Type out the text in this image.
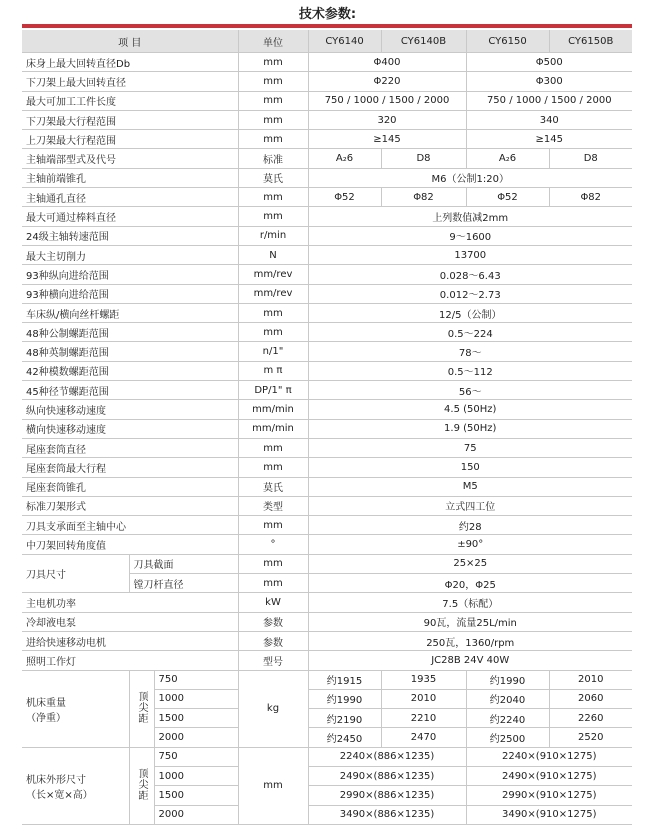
技术参数:
项 目			单位	CY6140	CY6140B	CY6150	CY6150B
床身上最大回转直径Db			mm	Φ400		Φ500	
下刀架上最大回转直径			mm	Φ220		Φ300	
最大可加工工件长度			mm	750 / 1000 / 1500 / 2000		750 / 1000 / 1500 / 2000	
下刀架最大行程范围			mm	320		340	
上刀架最大行程范围			mm	≥145		≥145	
主轴端部型式及代号			标准	A₂6	D8	A₂6	D8
主轴前端锥孔			莫氏	M6（公制1:20）			
主轴通孔直径			mm	Φ52	Φ82	Φ52	Φ82
最大可通过棒料直径			mm	上列数值减2mm			
24级主轴转速范围			r/min	9～1600			
最大主切削力			N	13700			
93种纵向进给范围			mm/rev	0.028～6.43			
93种横向进给范围			mm/rev	0.012～2.73			
车床纵/横向丝杆螺距			mm	12/5（公制）			
48种公制螺距范围			mm	0.5～224			
48种英制螺距范围			n/1"	78～			
42种模数螺距范围			m π	0.5～112			
45种径节螺距范围			DP/1" π	56～			
纵向快速移动速度			mm/min	4.5 (50Hz)			
横向快速移动速度			mm/min	1.9 (50Hz)			
尾座套筒直径			mm	75			
尾座套筒最大行程			mm	150			
尾座套筒锥孔			莫氏	M5			
标准刀架形式			类型	立式四工位			
刀具支承面至主轴中心			mm	约28			
中刀架回转角度值			°	±90°			
刀具尺寸	刀具截面		mm	25×25			
	镗刀杆直径		mm	Φ20，Φ25			
主电机功率			kW	7.5（标配）			
冷却液电泵			参数	90瓦，流量25L/min			
进给快速移动电机			参数	250瓦，1360/rpm			
照明工作灯			型号	JC28B 24V 40W			

机床重量
（净重）	顶尖距	750	kg	约1915	1935	约1990	2010
		1000		约1990	2010	约2040	2060
		1500		约2190	2210	约2240	2260
		2000		约2450	2470	约2500	2520

机床外形尺寸
（长×宽×高）	顶尖距	750	mm	2240×(886×1235)		2240×(910×1275)	
		1000		2490×(886×1235)		2490×(910×1275)	
		1500		2990×(886×1235)		2990×(910×1275)	
		2000		3490×(886×1235)		3490×(910×1275)	
